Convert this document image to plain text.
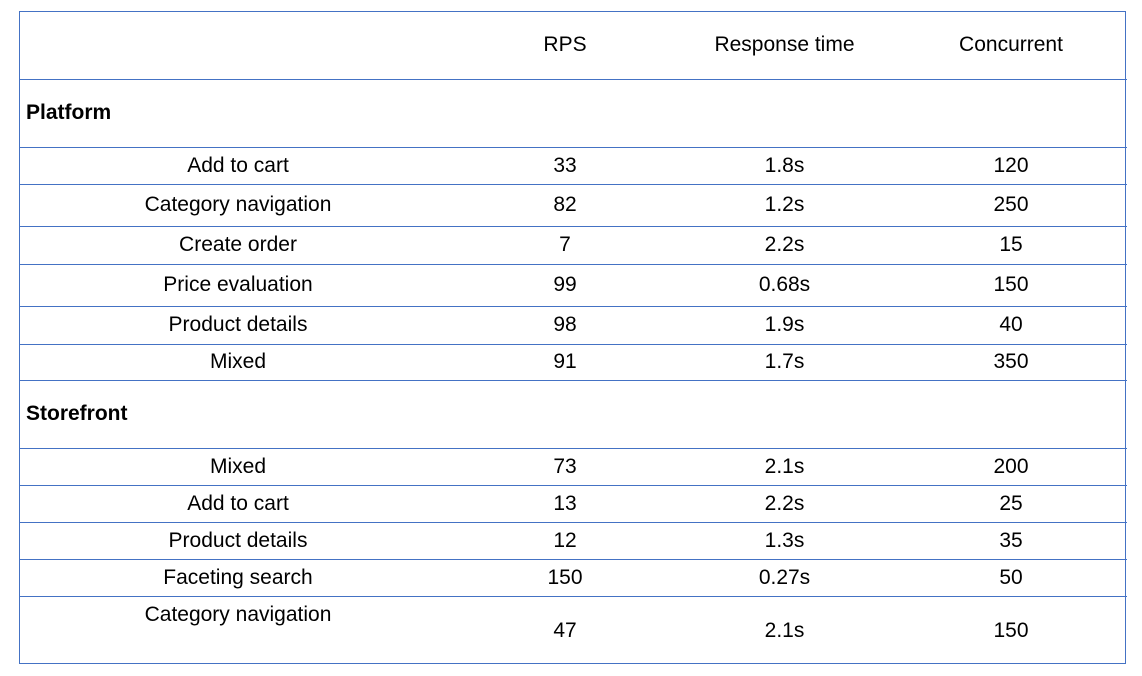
	RPS	Response time	Concurrent
Platform			
Add to cart	33	1.8s	120
Category navigation	82	1.2s	250
Create order	7	2.2s	15
Price evaluation	99	0.68s	150
Product details	98	1.9s	40
Mixed	91	1.7s	350
Storefront			
Mixed	73	2.1s	200
Add to cart	13	2.2s	25
Product details	12	1.3s	35
Faceting search	150	0.27s	50
Category navigation	47	2.1s	150
